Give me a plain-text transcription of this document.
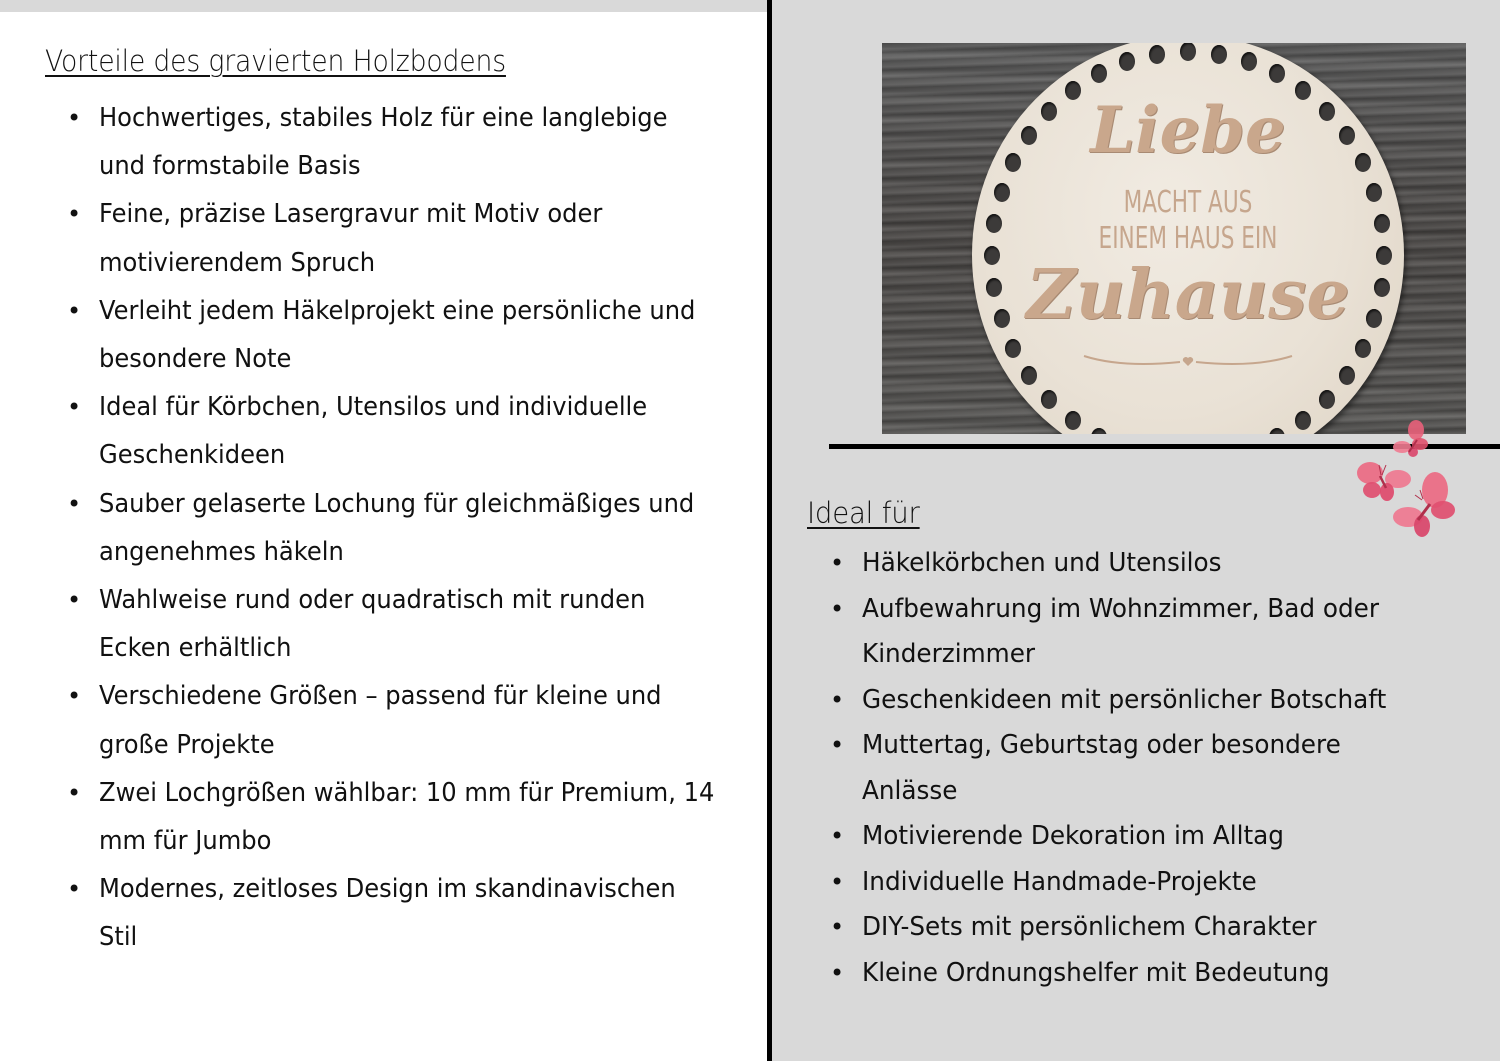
Vorteile des gravierten Holzbodens
• Hochwertiges, stabiles Holz für eine langlebige
und formstabile Basis
• Feine, präzise Lasergravur mit Motiv oder
motivierendem Spruch
• Verleiht jedem Häkelprojekt eine persönliche und
besondere Note
• Ideal für Körbchen, Utensilos und individuelle
Geschenkideen
• Sauber gelaserte Lochung für gleichmäßiges und
angenehmes häkeln
• Wahlweise rund oder quadratisch mit runden
Ecken erhältlich
• Verschiedene Größen – passend für kleine und
große Projekte
• Zwei Lochgrößen wählbar: 10 mm für Premium, 14
mm für Jumbo
• Modernes, zeitloses Design im skandinavischen
Stil
Liebe
MACHT AUS
EINEM HAUS EIN
Zuhause
Ideal für
• Häkelkörbchen und Utensilos
• Aufbewahrung im Wohnzimmer, Bad oder
Kinderzimmer
• Geschenkideen mit persönlicher Botschaft
• Muttertag, Geburtstag oder besondere
Anlässe
• Motivierende Dekoration im Alltag
• Individuelle Handmade-Projekte
• DIY-Sets mit persönlichem Charakter
• Kleine Ordnungshelfer mit Bedeutung
